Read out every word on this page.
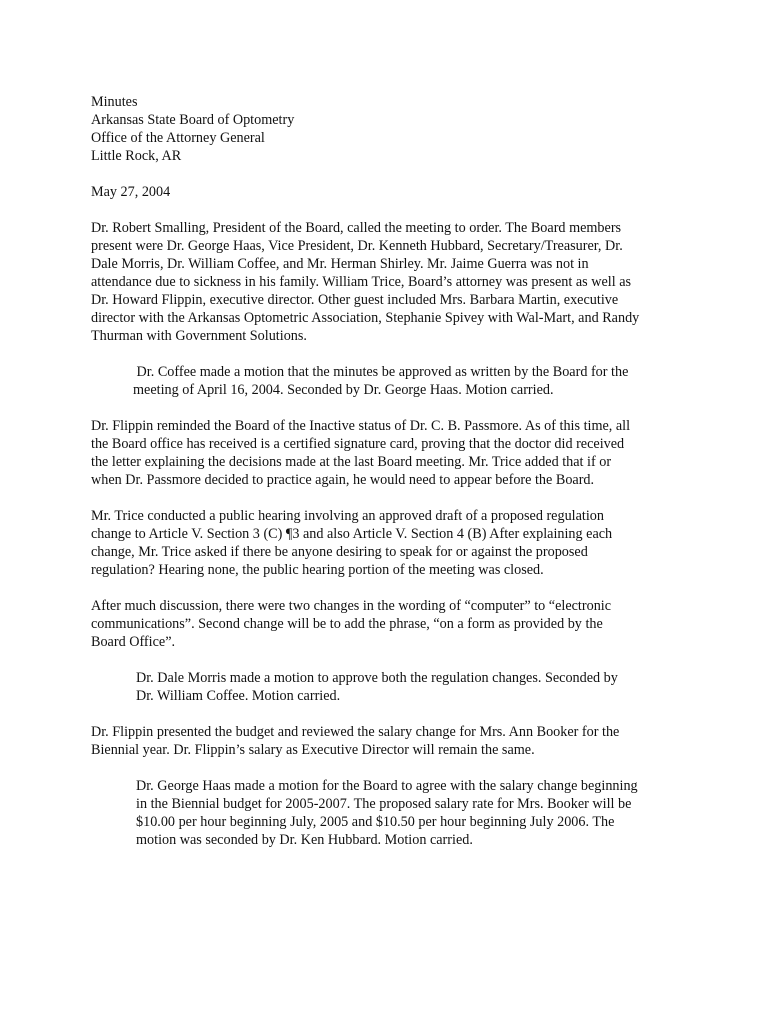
Minutes
Arkansas State Board of Optometry
Office of the Attorney General
Little Rock, AR
May 27, 2004
Dr. Robert Smalling, President of the Board, called the meeting to order. The Board members
present were Dr. George Haas, Vice President, Dr. Kenneth Hubbard, Secretary/Treasurer, Dr.
Dale Morris, Dr. William Coffee, and Mr. Herman Shirley. Mr. Jaime Guerra was not in
attendance due to sickness in his family. William Trice, Board’s attorney was present as well as
Dr. Howard Flippin, executive director. Other guest included Mrs. Barbara Martin, executive
director with the Arkansas Optometric Association, Stephanie Spivey with Wal-Mart, and Randy
Thurman with Government Solutions.
Dr. Coffee made a motion that the minutes be approved as written by the Board for the
meeting of April 16, 2004. Seconded by Dr. George Haas. Motion carried.
Dr. Flippin reminded the Board of the Inactive status of Dr. C. B. Passmore. As of this time, all
the Board office has received is a certified signature card, proving that the doctor did received
the letter explaining the decisions made at the last Board meeting. Mr. Trice added that if or
when Dr. Passmore decided to practice again, he would need to appear before the Board.
Mr. Trice conducted a public hearing involving an approved draft of a proposed regulation
change to Article V. Section 3 (C) ¶3 and also Article V. Section 4 (B) After explaining each
change, Mr. Trice asked if there be anyone desiring to speak for or against the proposed
regulation? Hearing none, the public hearing portion of the meeting was closed.
After much discussion, there were two changes in the wording of “computer” to “electronic
communications”. Second change will be to add the phrase, “on a form as provided by the
Board Office”.
Dr. Dale Morris made a motion to approve both the regulation changes. Seconded by
Dr. William Coffee. Motion carried.
Dr. Flippin presented the budget and reviewed the salary change for Mrs. Ann Booker for the
Biennial year. Dr. Flippin’s salary as Executive Director will remain the same.
Dr. George Haas made a motion for the Board to agree with the salary change beginning
in the Biennial budget for 2005-2007. The proposed salary rate for Mrs. Booker will be
$10.00 per hour beginning July, 2005 and $10.50 per hour beginning July 2006. The
motion was seconded by Dr. Ken Hubbard. Motion carried.
